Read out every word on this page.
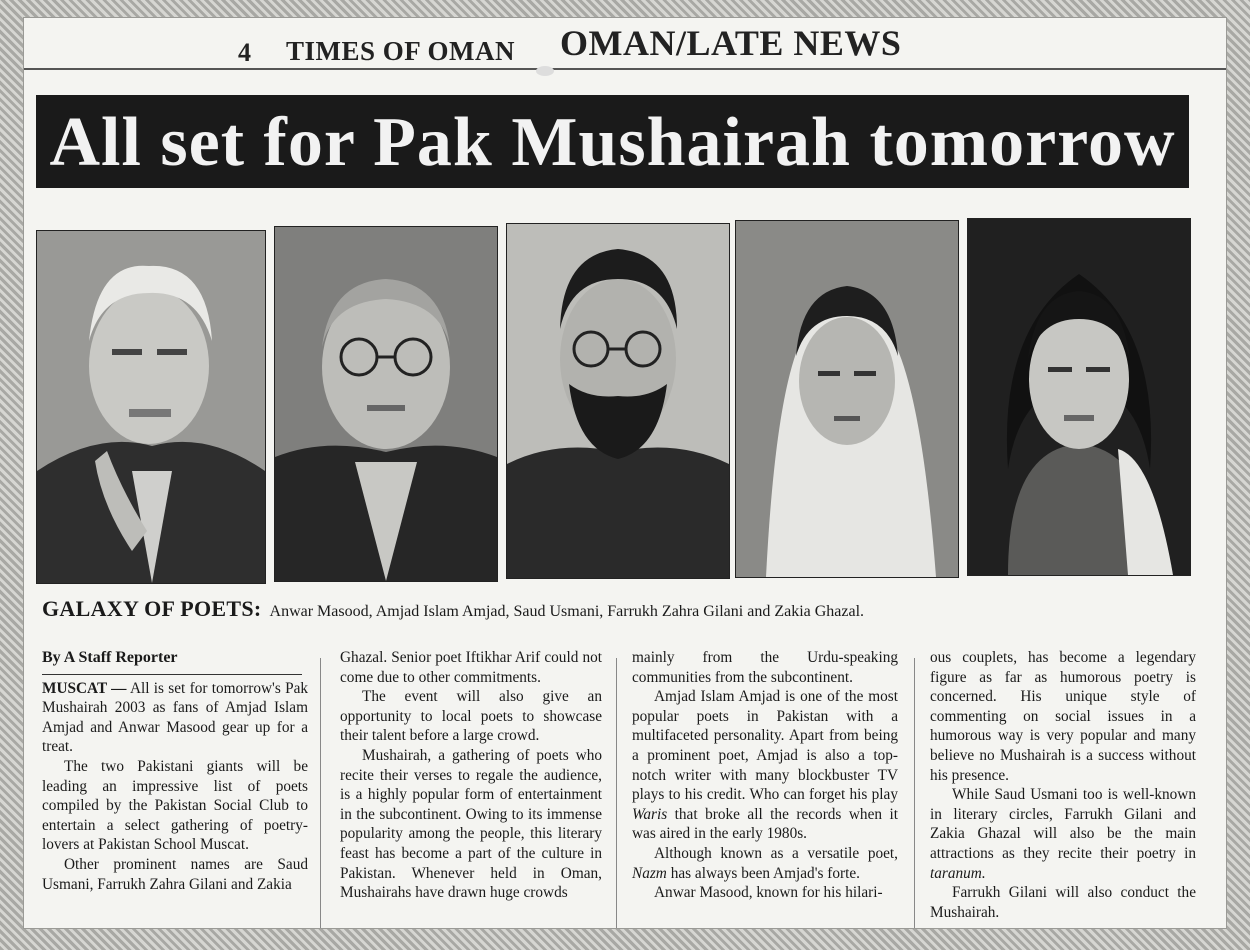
4 TIMES OF OMAN OMAN/LATE NEWS
All set for Pak Mushairah tomorrow
GALAXY OF POETS: Anwar Masood, Amjad Islam Amjad, Saud Usmani, Farrukh Zahra Gilani and Zakia Ghazal.
By A Staff Reporter

MUSCAT — All is set for tomorrow's Pak Mushairah 2003 as fans of Amjad Islam Amjad and Anwar Masood gear up for a treat.

The two Pakistani giants will be leading an impressive list of poets compiled by the Pakistan Social Club to entertain a select gathering of poetry-lovers at Pakistan School Muscat.

Other prominent names are Saud Usmani, Farrukh Zahra Gilani and Zakia

Ghazal. Senior poet Iftikhar Arif could not come due to other commitments.

The event will also give an opportunity to local poets to showcase their talent before a large crowd.

Mushairah, a gathering of poets who recite their verses to regale the audience, is a highly popular form of entertainment in the subcontinent. Owing to its immense popularity among the people, this literary feast has become a part of the culture in Pakistan. Whenever held in Oman, Mushairahs have drawn huge crowds

mainly from the Urdu-speaking communities from the subcontinent.

Amjad Islam Amjad is one of the most popular poets in Pakistan with a multifaceted personality. Apart from being a prominent poet, Amjad is also a top-notch writer with many blockbuster TV plays to his credit. Who can forget his play Waris that broke all the records when it was aired in the early 1980s.

Although known as a versatile poet, Nazm has always been Amjad's forte.

Anwar Masood, known for his hilari-

ous couplets, has become a legendary figure as far as humorous poetry is concerned. His unique style of commenting on social issues in a humorous way is very popular and many believe no Mushairah is a success without his presence.

While Saud Usmani too is well-known in literary circles, Farrukh Gilani and Zakia Ghazal will also be the main attractions as they recite their poetry in taranum.

Farrukh Gilani will also conduct the Mushairah.
